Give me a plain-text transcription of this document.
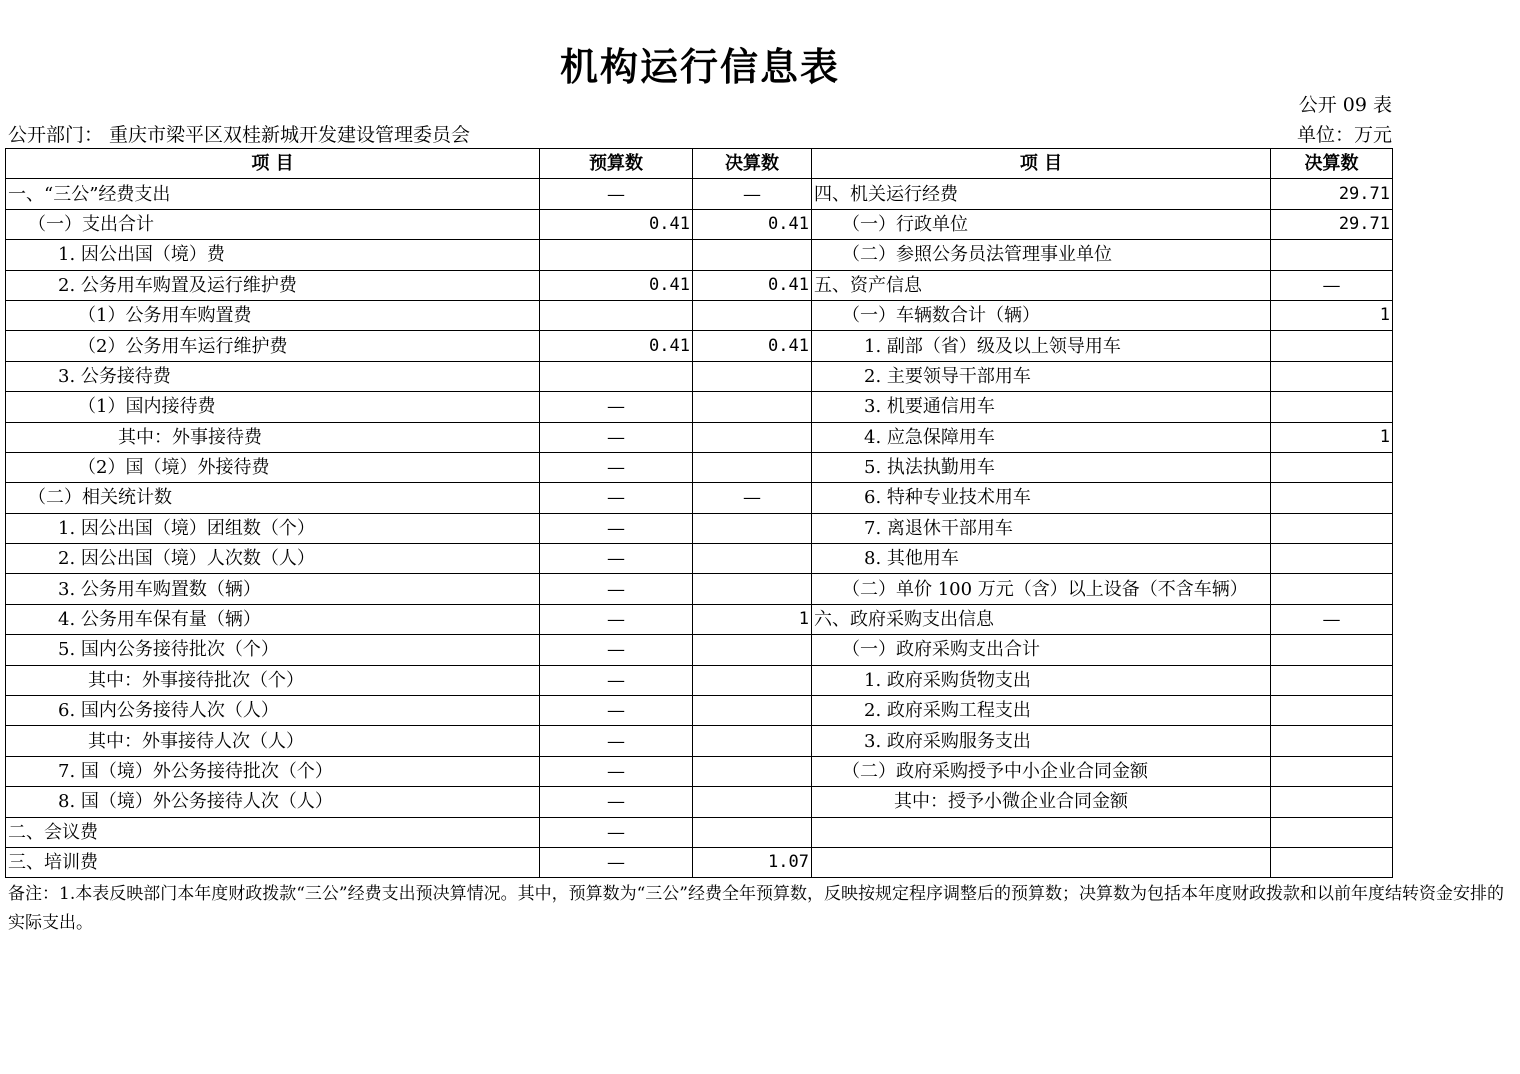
机构运行信息表
公开 09 表
公开部门： 重庆市梁平区双桂新城开发建设管理委员会	单位：万元
项 目	预算数	决算数	项 目	决算数
一、“三公”经费支出	—	—	四、机关运行经费	29.71
（一）支出合计	0.41	0.41	（一）行政单位	29.71
1. 因公出国（境）费			（二）参照公务员法管理事业单位	
2. 公务用车购置及运行维护费	0.41	0.41	五、资产信息	—
（1）公务用车购置费			（一）车辆数合计（辆）	1
（2）公务用车运行维护费	0.41	0.41	1. 副部（省）级及以上领导用车	
3. 公务接待费			2. 主要领导干部用车	
（1）国内接待费	—		3. 机要通信用车	
其中：外事接待费	—		4. 应急保障用车	1
（2）国（境）外接待费	—		5. 执法执勤用车	
（二）相关统计数	—	—	6. 特种专业技术用车	
1. 因公出国（境）团组数（个）	—		7. 离退休干部用车	
2. 因公出国（境）人次数（人）	—		8. 其他用车	
3. 公务用车购置数（辆）	—		（二）单价 100 万元（含）以上设备（不含车辆）	
4. 公务用车保有量（辆）	—	1	六、政府采购支出信息	—
5. 国内公务接待批次（个）	—		（一）政府采购支出合计	
其中：外事接待批次（个）	—		1. 政府采购货物支出	
6. 国内公务接待人次（人）	—		2. 政府采购工程支出	
其中：外事接待人次（人）	—		3. 政府采购服务支出	
7. 国（境）外公务接待批次（个）	—		（二）政府采购授予中小企业合同金额	
8. 国（境）外公务接待人次（人）	—		其中：授予小微企业合同金额	
二、会议费	—			
三、培训费	—	1.07		
备注：1.本表反映部门本年度财政拨款“三公”经费支出预决算情况。其中，预算数为“三公”经费全年预算数，反映按规定程序调整后的预算数；决算数为包括本年度财政拨款和以前年度结转资金安排的实际支出。
